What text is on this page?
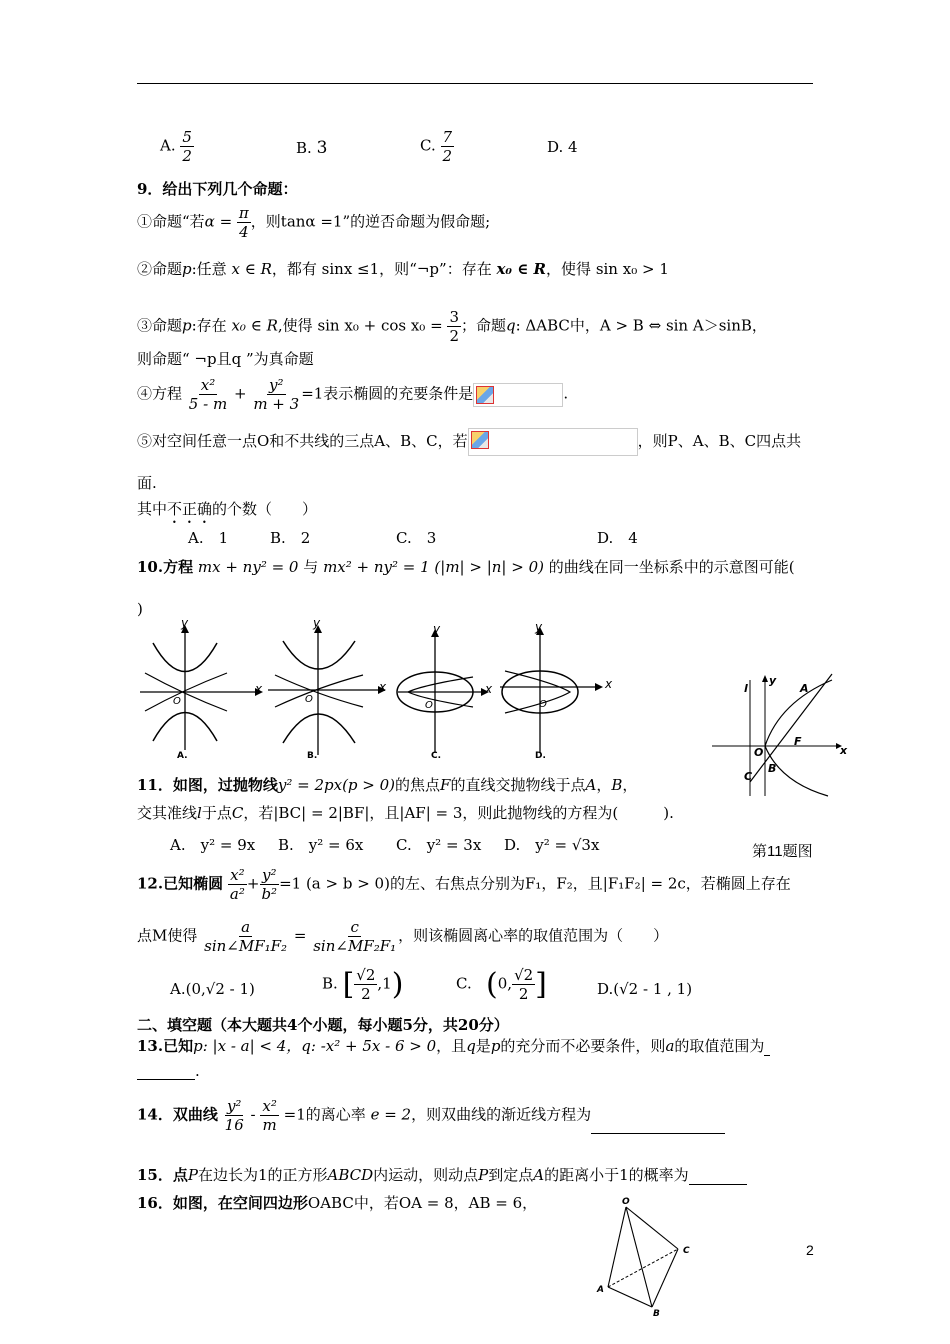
A. $\frac{5}{2}$	B. 3	C. $\frac{7}{2}$	D. 4
9．给出下列几个命题：
①命题“若$\alpha = \frac{\pi}{4}$ ，则tanα =1”的逆否命题为假命题;
②命题p:任意 x ∈ R，都有 sinx ≤1，则“¬p”：存在 x₀ ∈ R，使得 sin x₀ > 1
③命题p:存在 x₀ ∈ R,使得 $\sin x_0 + \cos x_0 = \frac{3}{2}$ ；命题q: ΔABC中，A > B ⇔ sin A＞sinB，
则命题“ ¬p且q ”为真命题
④方程 $\frac{\text{x²}}{5 - m} + \frac{\text{y²}}{m + 3} =1$表示椭圆的充要条件是	.
⑤对空间任意一点O和不共线的三点A、B、C，若	，则P、A、B、C四点共
面.
其中不正确的个数（　　）
A.　1	B.　2	C.　3	D.　4
10.方程 mx + ny² = 0 与 mx² + ny² = 1 (|m| > |n| > 0) 的曲线在同一坐标系中的示意图可能(
)
x
y
O
A.
x
y
O
B.
x
y
O
C.
x
y
O
D.
l
y
x
O
A
F
B
C
11．如图，过抛物线y² = 2px(p > 0)的焦点F的直线交抛物线于点A，B，
交其准线l于点C，若|BC| = 2|BF|，且|AF| = 3，则此抛物线的方程为(　　　).
A.　y² = 9x B.　y² = 6x C.　y² = 3x D.　y² = √3x	第11题图
12.已知椭圆 $\frac{\text{x²}}{\text{a²}} + \frac{\text{y²}}{\text{b²}} =1$ (a > b > 0)的左、右焦点分别为F₁，F₂，且|F₁F₂| = 2c，若椭圆上存在
点M使得 $\frac{a}{\text{sin∠MF₁F₂}} = \frac{c}{\text{sin∠MF₂F₁}}$ ，则该椭圆离心率的取值范围为（　　）
A.(0,√2 - 1)	B. [ $\frac{√2}{2} ,1$)	C. (0, $\frac{√2}{2}$ ]	D.(√2 - 1 , 1)
二、填空题（本大题共4个小题，每小题5分，共20分）
13.已知p: |x - a| < 4，q: -x² + 5x - 6 > 0，且q是p的充分而不必要条件，则a的取值范围为
.
14．双曲线 $\frac{\text{y²}}{16} - \frac{\text{x²}}{m} =1$的离心率 e = 2，则双曲线的渐近线方程为
15．点P在边长为1的正方形ABCD内运动，则动点P到定点A的距离小于1的概率为
16．如图，在空间四边形OABC中，若OA = 8，AB = 6，	O
A
B
C	2
